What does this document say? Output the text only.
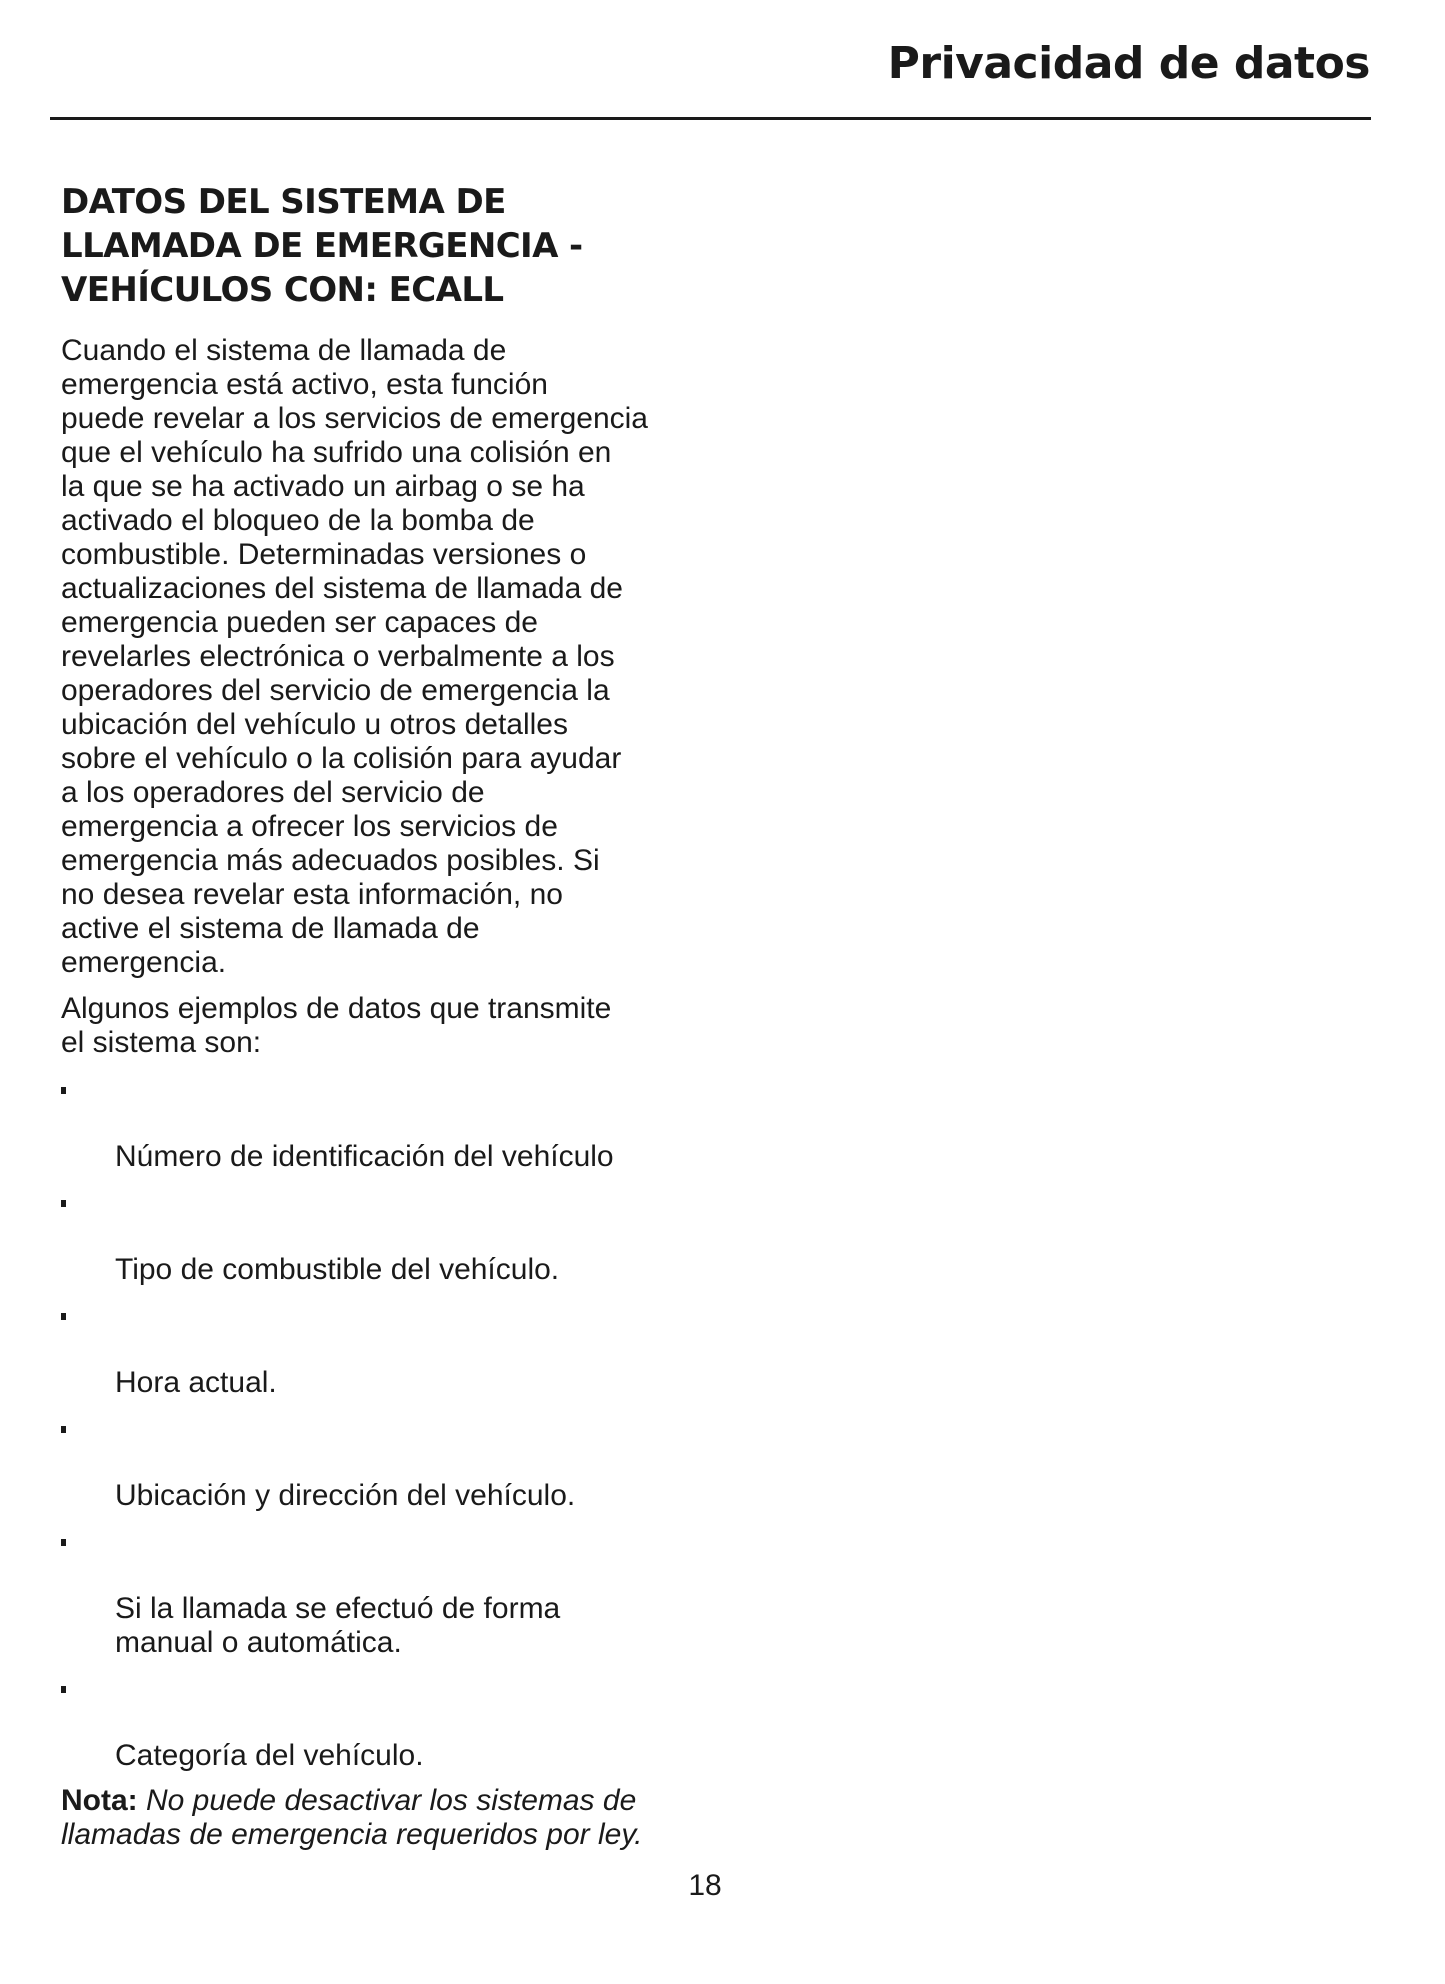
Privacidad de datos
DATOS DEL SISTEMA DE
LLAMADA DE EMERGENCIA -
VEHÍCULOS CON: ECALL

Cuando el sistema de llamada de
emergencia está activo, esta función
puede revelar a los servicios de emergencia
que el vehículo ha sufrido una colisión en
la que se ha activado un airbag o se ha
activado el bloqueo de la bomba de
combustible. Determinadas versiones o
actualizaciones del sistema de llamada de
emergencia pueden ser capaces de
revelarles electrónica o verbalmente a los
operadores del servicio de emergencia la
ubicación del vehículo u otros detalles
sobre el vehículo o la colisión para ayudar
a los operadores del servicio de
emergencia a ofrecer los servicios de
emergencia más adecuados posibles. Si
no desea revelar esta información, no
active el sistema de llamada de
emergencia.

Algunos ejemplos de datos que transmite
el sistema son:

Número de identificación del vehículo

Tipo de combustible del vehículo.

Hora actual.

Ubicación y dirección del vehículo.

Si la llamada se efectuó de forma
manual o automática.

Categoría del vehículo.

Nota: No puede desactivar los sistemas de
llamadas de emergencia requeridos por ley.

18
